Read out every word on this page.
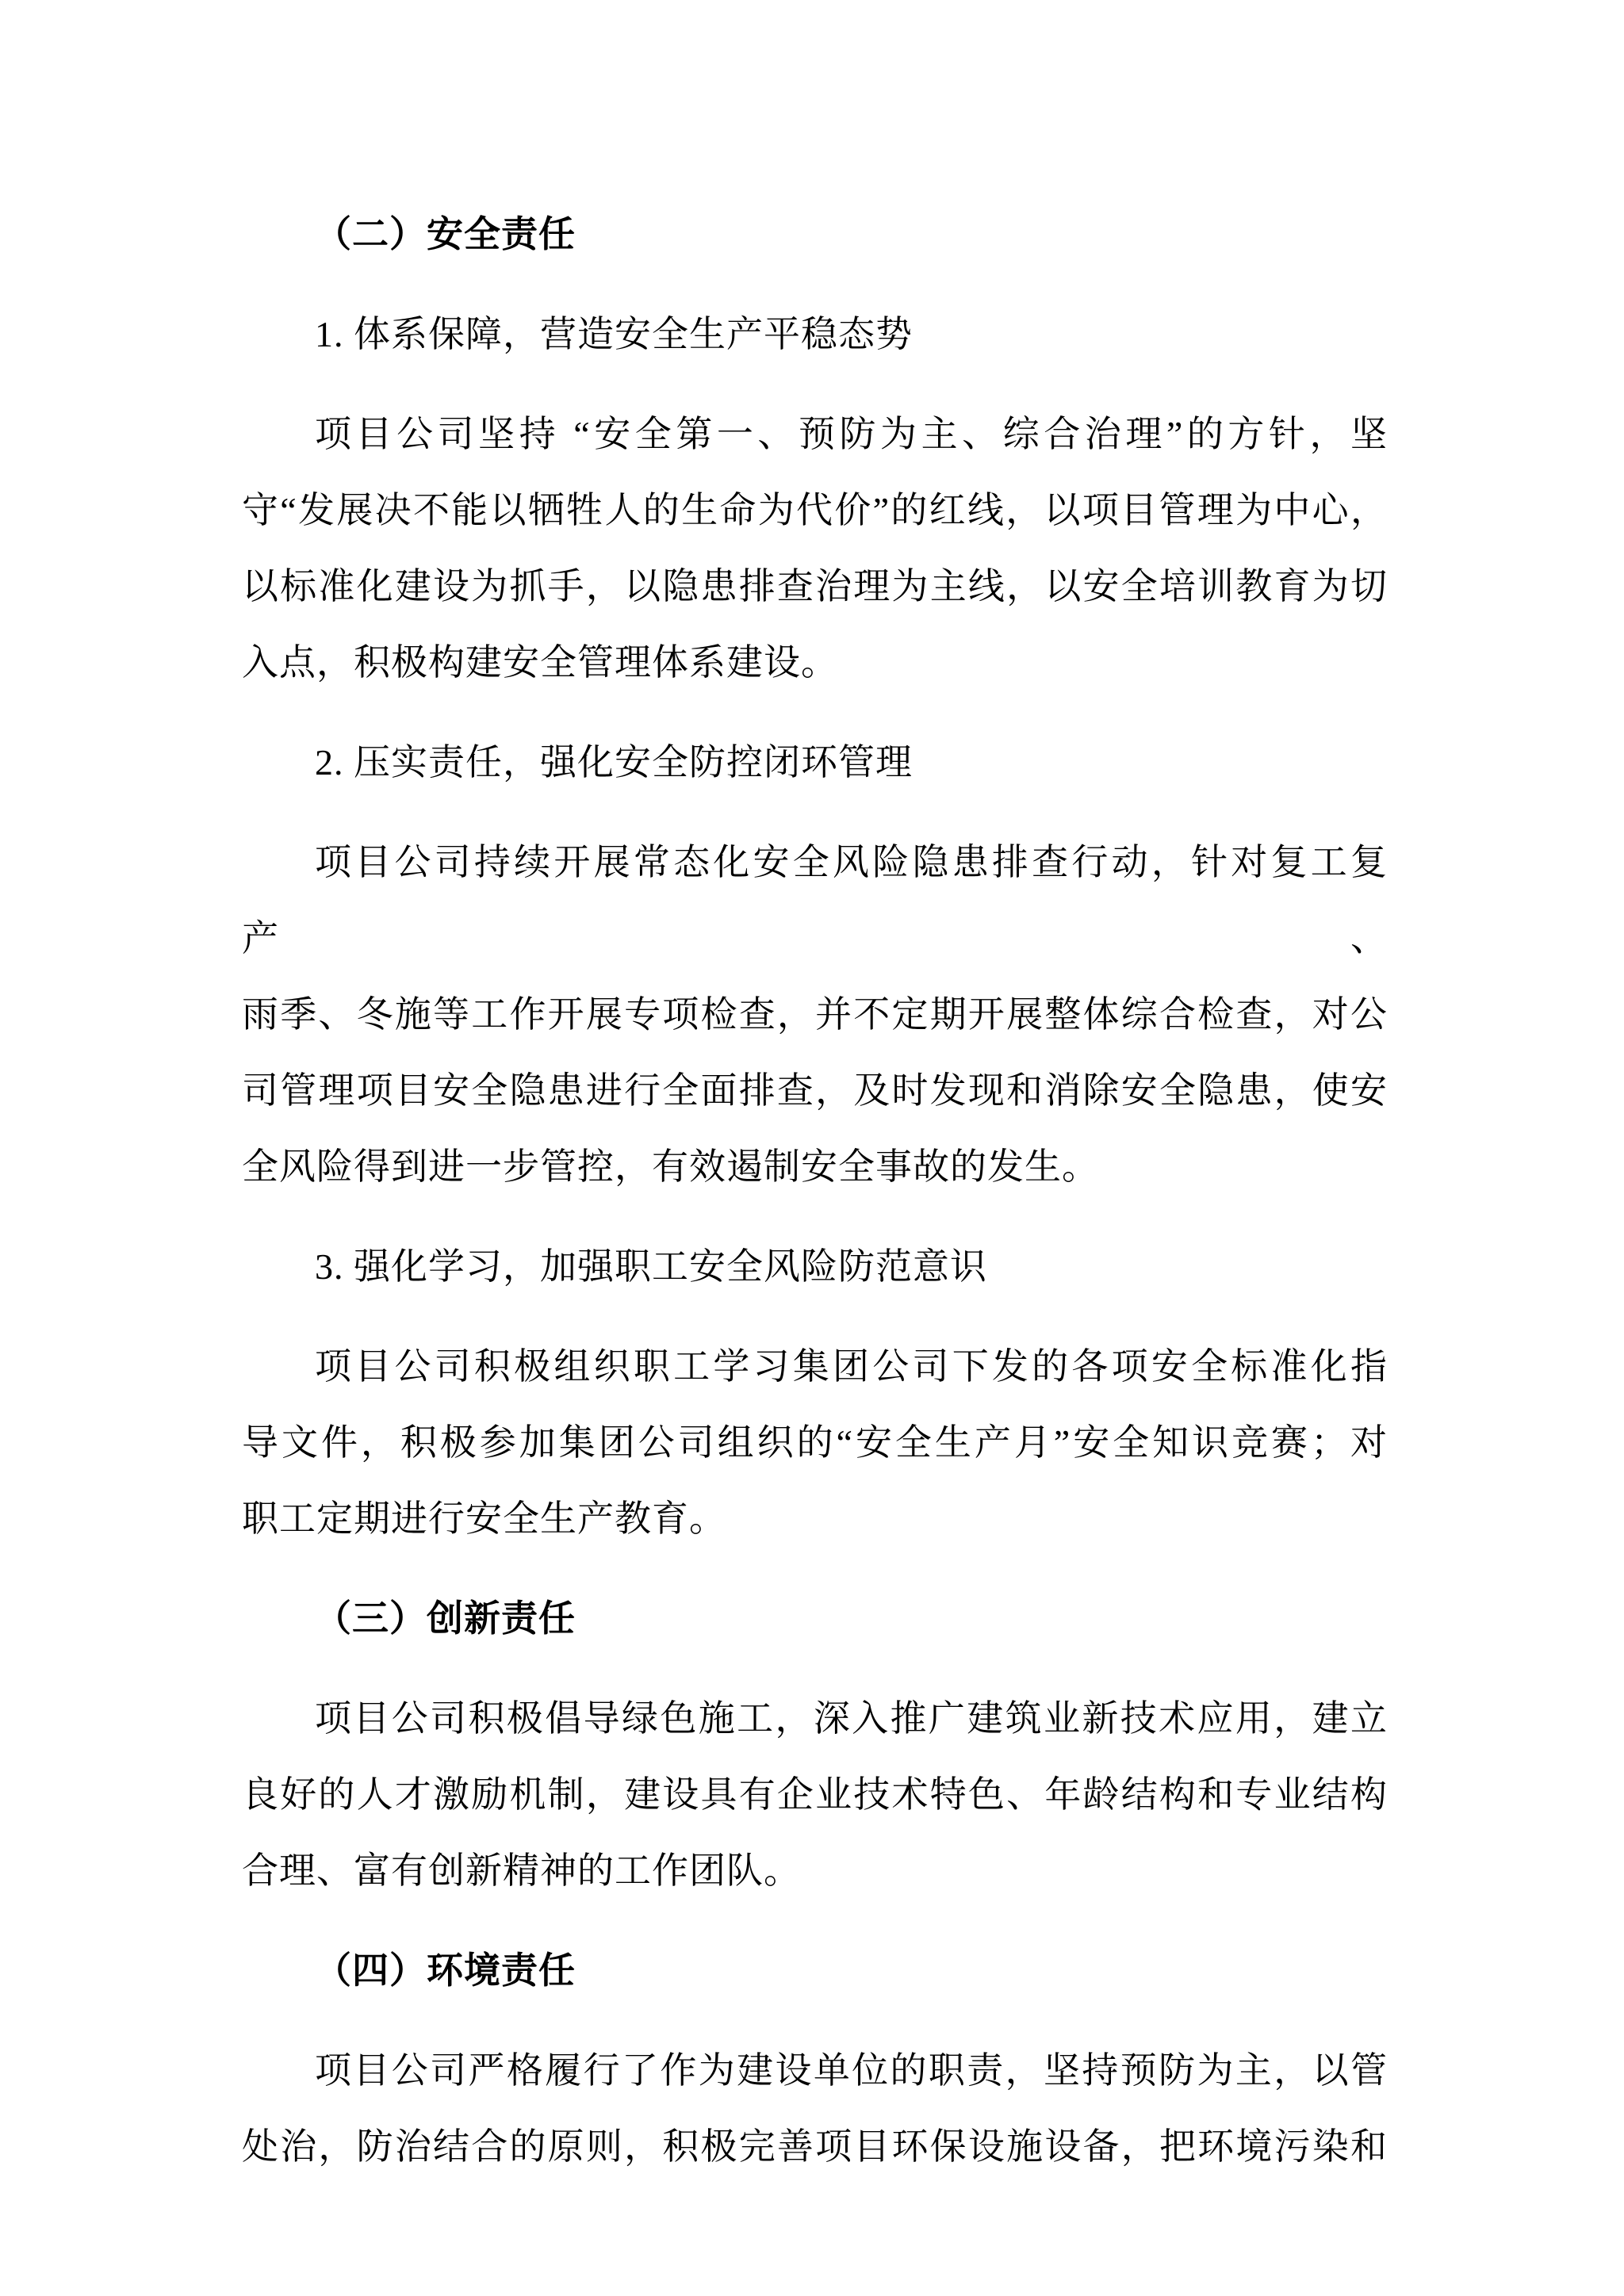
（二）安全责任
1. 体系保障，营造安全生产平稳态势
项目公司坚持 “安全第一、预防为主、综合治理”的方针，坚
守“发展决不能以牺牲人的生命为代价”的红线，以项目管理为中心，
以标准化建设为抓手，以隐患排查治理为主线，以安全培训教育为切
入点，积极构建安全管理体系建设。
2. 压实责任，强化安全防控闭环管理
项目公司持续开展常态化安全风险隐患排查行动，针对复工复产、
雨季、冬施等工作开展专项检查，并不定期开展整体综合检查，对公
司管理项目安全隐患进行全面排查，及时发现和消除安全隐患，使安
全风险得到进一步管控，有效遏制安全事故的发生。
3. 强化学习，加强职工安全风险防范意识
项目公司积极组织职工学习集团公司下发的各项安全标准化指
导文件，积极参加集团公司组织的“安全生产月”安全知识竞赛；对
职工定期进行安全生产教育。
（三）创新责任
项目公司积极倡导绿色施工，深入推广建筑业新技术应用，建立
良好的人才激励机制，建设具有企业技术特色、年龄结构和专业结构
合理、富有创新精神的工作团队。
（四）环境责任
项目公司严格履行了作为建设单位的职责，坚持预防为主，以管
处治，防治结合的原则，积极完善项目环保设施设备，把环境污染和
